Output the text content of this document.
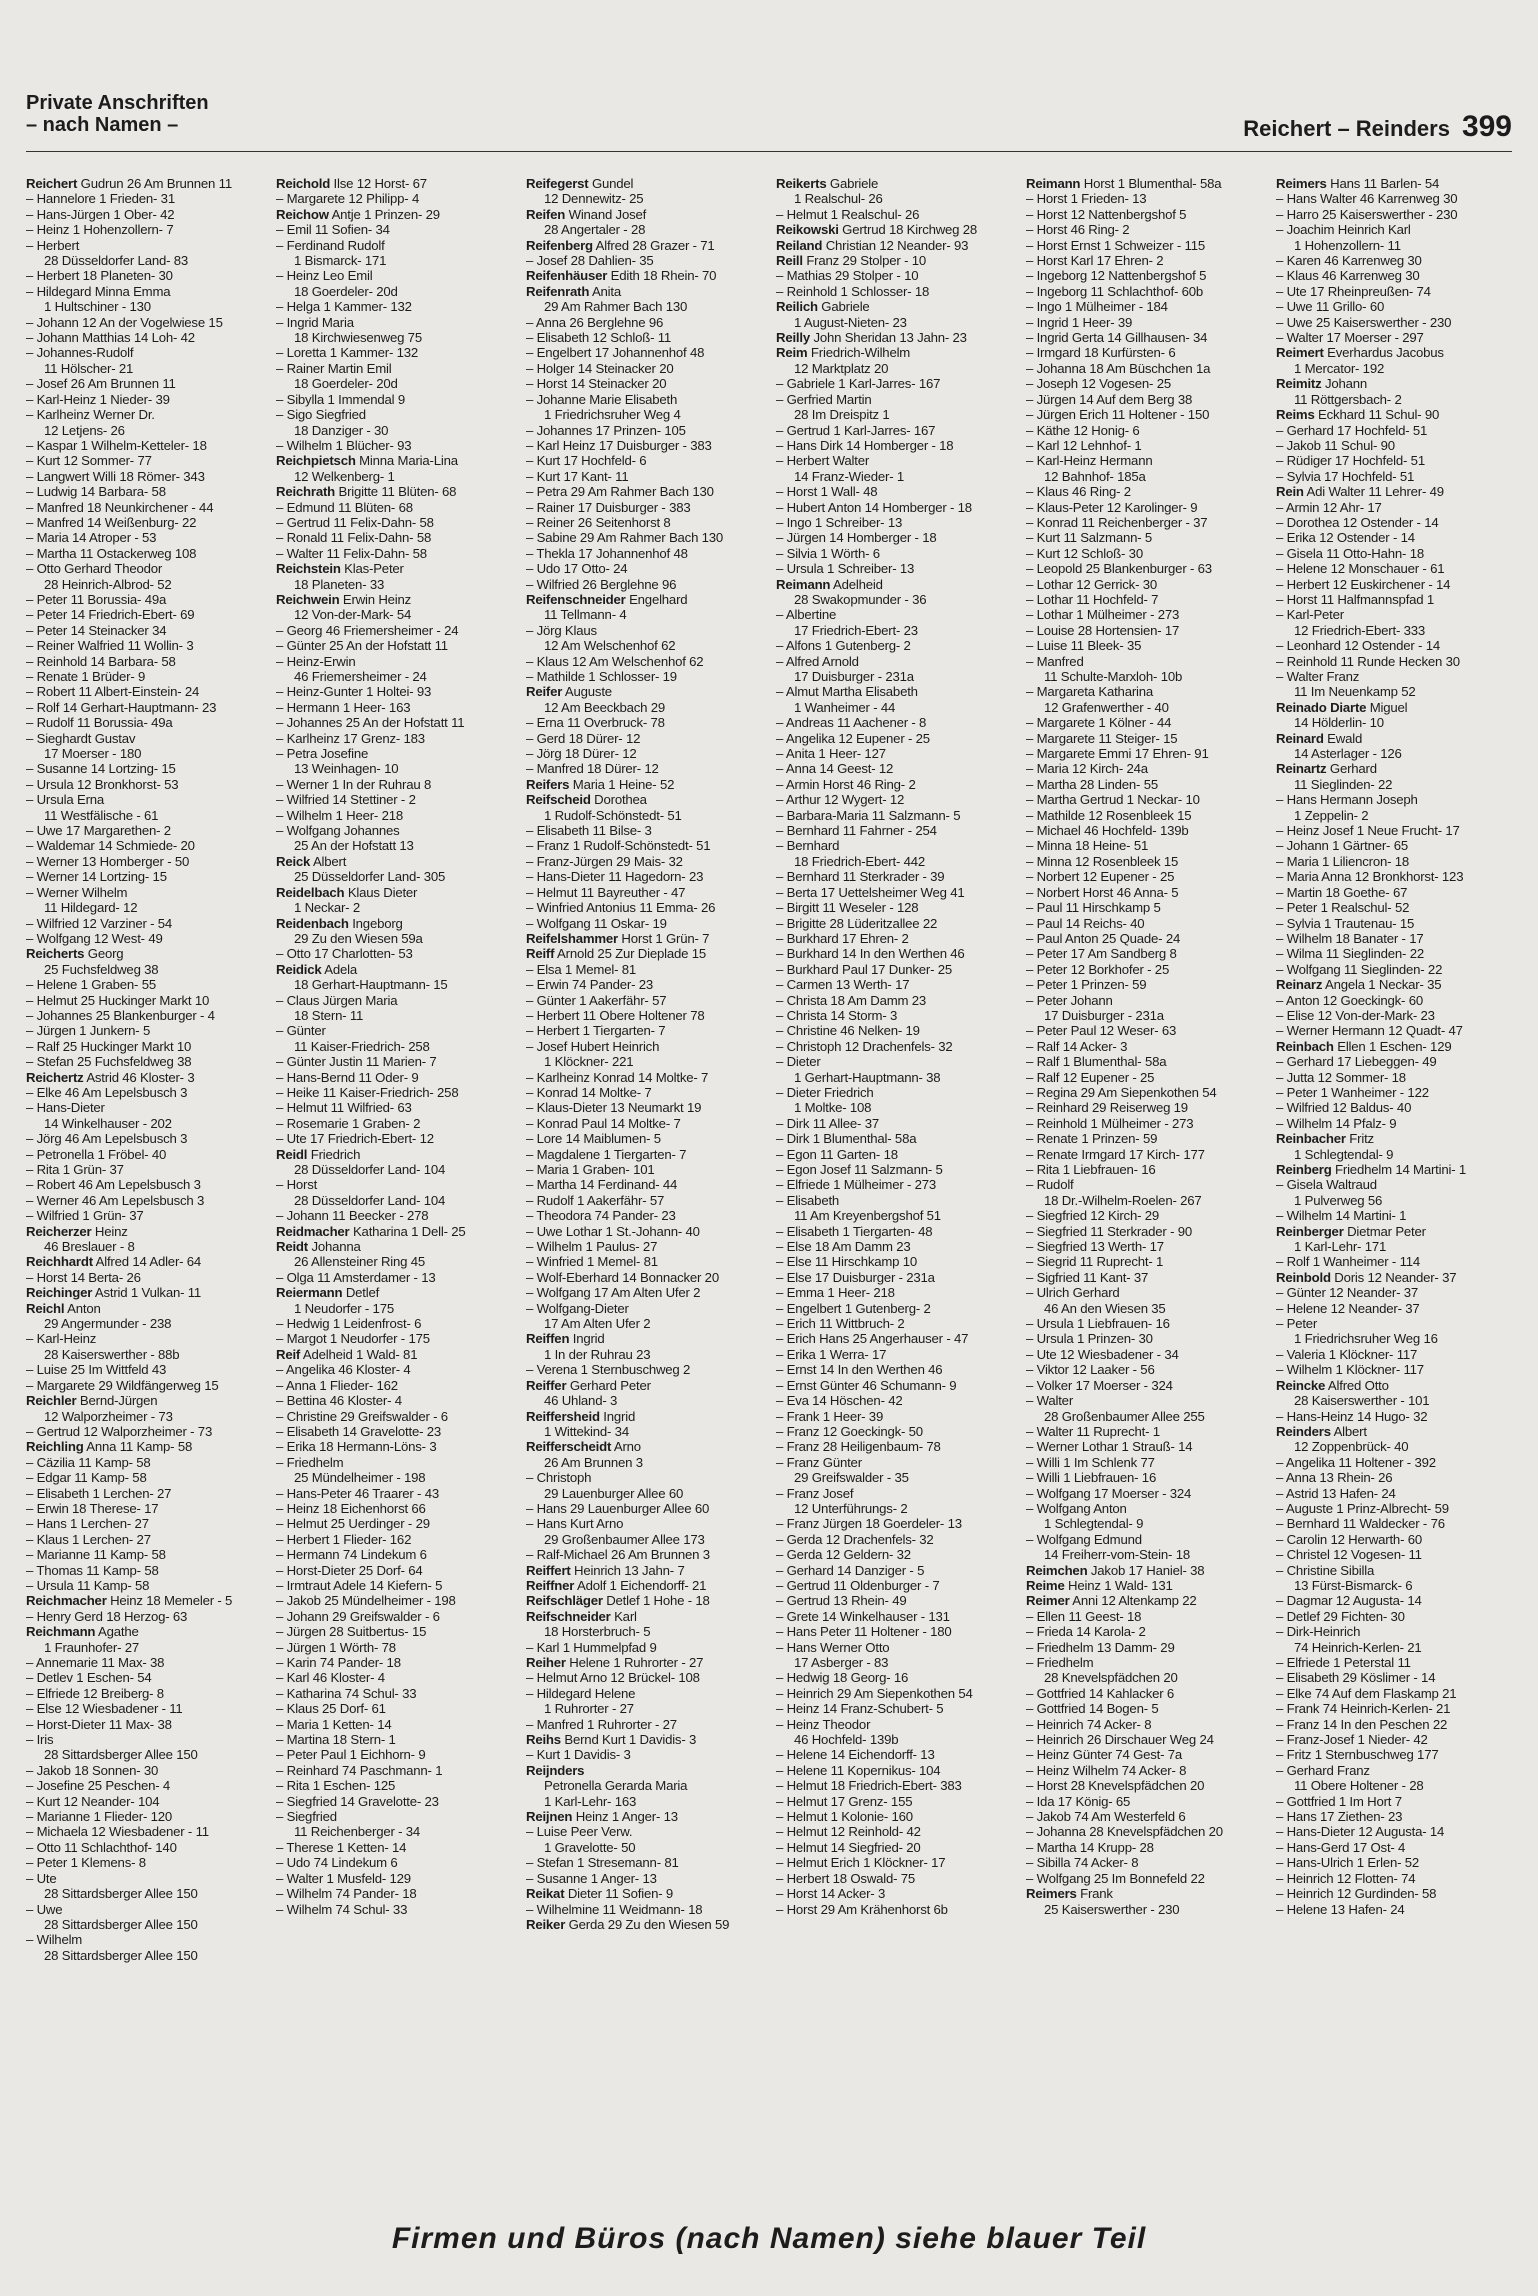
Private Anschriften
– nach Namen –	Reichert – Reinders 399
Reichert Gudrun 26 Am Brunnen 11
– Hannelore 1 Frieden- 31
– Hans-Jürgen 1 Ober- 42
– Heinz 1 Hohenzollern- 7
– Herbert
28 Düsseldorfer Land- 83
– Herbert 18 Planeten- 30
– Hildegard Minna Emma
1 Hultschiner - 130
– Johann 12 An der Vogelwiese 15
– Johann Matthias 14 Loh- 42
– Johannes-Rudolf
11 Hölscher- 21
– Josef 26 Am Brunnen 11
– Karl-Heinz 1 Nieder- 39
– Karlheinz Werner Dr.
12 Letjens- 26
– Kaspar 1 Wilhelm-Ketteler- 18
– Kurt 12 Sommer- 77
– Langwert Willi 18 Römer- 343
– Ludwig 14 Barbara- 58
– Manfred 18 Neunkirchener - 44
– Manfred 14 Weißenburg- 22
– Maria 14 Atroper - 53
– Martha 11 Ostackerweg 108
– Otto Gerhard Theodor
28 Heinrich-Albrod- 52
– Peter 11 Borussia- 49a
– Peter 14 Friedrich-Ebert- 69
– Peter 14 Steinacker 34
– Reiner Walfried 11 Wollin- 3
– Reinhold 14 Barbara- 58
– Renate 1 Brüder- 9
– Robert 11 Albert-Einstein- 24
– Rolf 14 Gerhart-Hauptmann- 23
– Rudolf 11 Borussia- 49a
– Sieghardt Gustav
17 Moerser - 180
– Susanne 14 Lortzing- 15
– Ursula 12 Bronkhorst- 53
– Ursula Erna
11 Westfälische - 61
– Uwe 17 Margarethen- 2
– Waldemar 14 Schmiede- 20
– Werner 13 Homberger - 50
– Werner 14 Lortzing- 15
– Werner Wilhelm
11 Hildegard- 12
– Wilfried 12 Varziner - 54
– Wolfgang 12 West- 49
Reicherts Georg
25 Fuchsfeldweg 38
– Helene 1 Graben- 55
– Helmut 25 Huckinger Markt 10
– Johannes 25 Blankenburger - 4
– Jürgen 1 Junkern- 5
– Ralf 25 Huckinger Markt 10
– Stefan 25 Fuchsfeldweg 38
Reichertz Astrid 46 Kloster- 3
– Elke 46 Am Lepelsbusch 3
– Hans-Dieter
14 Winkelhauser - 202
– Jörg 46 Am Lepelsbusch 3
– Petronella 1 Fröbel- 40
– Rita 1 Grün- 37
– Robert 46 Am Lepelsbusch 3
– Werner 46 Am Lepelsbusch 3
– Wilfried 1 Grün- 37
Reicherzer Heinz
46 Breslauer - 8
Reichhardt Alfred 14 Adler- 64
– Horst 14 Berta- 26
Reichinger Astrid 1 Vulkan- 11
Reichl Anton
29 Angermunder - 238
– Karl-Heinz
28 Kaiserswerther - 88b
– Luise 25 Im Wittfeld 43
– Margarete 29 Wildfängerweg 15
Reichler Bernd-Jürgen
12 Walporzheimer - 73
– Gertrud 12 Walporzheimer - 73
Reichling Anna 11 Kamp- 58
– Cäzilia 11 Kamp- 58
– Edgar 11 Kamp- 58
– Elisabeth 1 Lerchen- 27
– Erwin 18 Therese- 17
– Hans 1 Lerchen- 27
– Klaus 1 Lerchen- 27
– Marianne 11 Kamp- 58
– Thomas 11 Kamp- 58
– Ursula 11 Kamp- 58
Reichmacher Heinz 18 Memeler - 5
– Henry Gerd 18 Herzog- 63
Reichmann Agathe
1 Fraunhofer- 27
– Annemarie 11 Max- 38
– Detlev 1 Eschen- 54
– Elfriede 12 Breiberg- 8
– Else 12 Wiesbadener - 11
– Horst-Dieter 11 Max- 38
– Iris
28 Sittardsberger Allee 150
– Jakob 18 Sonnen- 30
– Josefine 25 Peschen- 4
– Kurt 12 Neander- 104
– Marianne 1 Flieder- 120
– Michaela 12 Wiesbadener - 11
– Otto 11 Schlachthof- 140
– Peter 1 Klemens- 8
– Ute
28 Sittardsberger Allee 150
– Uwe
28 Sittardsberger Allee 150
– Wilhelm
28 Sittardsberger Allee 150
Reichold Ilse 12 Horst- 67
– Margarete 12 Philipp- 4
Reichow Antje 1 Prinzen- 29
– Emil 11 Sofien- 34
– Ferdinand Rudolf
1 Bismarck- 171
– Heinz Leo Emil
18 Goerdeler- 20d
– Helga 1 Kammer- 132
– Ingrid Maria
18 Kirchwiesenweg 75
– Loretta 1 Kammer- 132
– Rainer Martin Emil
18 Goerdeler- 20d
– Sibylla 1 Immendal 9
– Sigo Siegfried
18 Danziger - 30
– Wilhelm 1 Blücher- 93
Reichpietsch Minna Maria-Lina
12 Welkenberg- 1
Reichrath Brigitte 11 Blüten- 68
– Edmund 11 Blüten- 68
– Gertrud 11 Felix-Dahn- 58
– Ronald 11 Felix-Dahn- 58
– Walter 11 Felix-Dahn- 58
Reichstein Klas-Peter
18 Planeten- 33
Reichwein Erwin Heinz
12 Von-der-Mark- 54
– Georg 46 Friemersheimer - 24
– Günter 25 An der Hofstatt 11
– Heinz-Erwin
46 Friemersheimer - 24
– Heinz-Gunter 1 Holtei- 93
– Hermann 1 Heer- 163
– Johannes 25 An der Hofstatt 11
– Karlheinz 17 Grenz- 183
– Petra Josefine
13 Weinhagen- 10
– Werner 1 In der Ruhrau 8
– Wilfried 14 Stettiner - 2
– Wilhelm 1 Heer- 218
– Wolfgang Johannes
25 An der Hofstatt 13
Reick Albert
25 Düsseldorfer Land- 305
Reidelbach Klaus Dieter
1 Neckar- 2
Reidenbach Ingeborg
29 Zu den Wiesen 59a
– Otto 17 Charlotten- 53
Reidick Adela
18 Gerhart-Hauptmann- 15
– Claus Jürgen Maria
18 Stern- 11
– Günter
11 Kaiser-Friedrich- 258
– Günter Justin 11 Marien- 7
– Hans-Bernd 11 Oder- 9
– Heike 11 Kaiser-Friedrich- 258
– Helmut 11 Wilfried- 63
– Rosemarie 1 Graben- 2
– Ute 17 Friedrich-Ebert- 12
Reidl Friedrich
28 Düsseldorfer Land- 104
– Horst
28 Düsseldorfer Land- 104
– Johann 11 Beecker - 278
Reidmacher Katharina 1 Dell- 25
Reidt Johanna
26 Allensteiner Ring 45
– Olga 11 Amsterdamer - 13
Reiermann Detlef
1 Neudorfer - 175
– Hedwig 1 Leidenfrost- 6
– Margot 1 Neudorfer - 175
Reif Adelheid 1 Wald- 81
– Angelika 46 Kloster- 4
– Anna 1 Flieder- 162
– Bettina 46 Kloster- 4
– Christine 29 Greifswalder - 6
– Elisabeth 14 Gravelotte- 23
– Erika 18 Hermann-Löns- 3
– Friedhelm
25 Mündelheimer - 198
– Hans-Peter 46 Traarer - 43
– Heinz 18 Eichenhorst 66
– Helmut 25 Uerdinger - 29
– Herbert 1 Flieder- 162
– Hermann 74 Lindekum 6
– Horst-Dieter 25 Dorf- 64
– Irmtraut Adele 14 Kiefern- 5
– Jakob 25 Mündelheimer - 198
– Johann 29 Greifswalder - 6
– Jürgen 28 Suitbertus- 15
– Jürgen 1 Wörth- 78
– Karin 74 Pander- 18
– Karl 46 Kloster- 4
– Katharina 74 Schul- 33
– Klaus 25 Dorf- 61
– Maria 1 Ketten- 14
– Martina 18 Stern- 1
– Peter Paul 1 Eichhorn- 9
– Reinhard 74 Paschmann- 1
– Rita 1 Eschen- 125
– Siegfried 14 Gravelotte- 23
– Siegfried
11 Reichenberger - 34
– Therese 1 Ketten- 14
– Udo 74 Lindekum 6
– Walter 1 Musfeld- 129
– Wilhelm 74 Pander- 18
– Wilhelm 74 Schul- 33
Reifegerst Gundel
12 Dennewitz- 25
Reifen Winand Josef
28 Angertaler - 28
Reifenberg Alfred 28 Grazer - 71
– Josef 28 Dahlien- 35
Reifenhäuser Edith 18 Rhein- 70
Reifenrath Anita
29 Am Rahmer Bach 130
– Anna 26 Berglehne 96
– Elisabeth 12 Schloß- 11
– Engelbert 17 Johannenhof 48
– Holger 14 Steinacker 20
– Horst 14 Steinacker 20
– Johanne Marie Elisabeth
1 Friedrichsruher Weg 4
– Johannes 17 Prinzen- 105
– Karl Heinz 17 Duisburger - 383
– Kurt 17 Hochfeld- 6
– Kurt 17 Kant- 11
– Petra 29 Am Rahmer Bach 130
– Rainer 17 Duisburger - 383
– Reiner 26 Seitenhorst 8
– Sabine 29 Am Rahmer Bach 130
– Thekla 17 Johannenhof 48
– Udo 17 Otto- 24
– Wilfried 26 Berglehne 96
Reifenschneider Engelhard
11 Tellmann- 4
– Jörg Klaus
12 Am Welschenhof 62
– Klaus 12 Am Welschenhof 62
– Mathilde 1 Schlosser- 19
Reifer Auguste
12 Am Beeckbach 29
– Erna 11 Overbruck- 78
– Gerd 18 Dürer- 12
– Jörg 18 Dürer- 12
– Manfred 18 Dürer- 12
Reifers Maria 1 Heine- 52
Reifscheid Dorothea
1 Rudolf-Schönstedt- 51
– Elisabeth 11 Bilse- 3
– Franz 1 Rudolf-Schönstedt- 51
– Franz-Jürgen 29 Mais- 32
– Hans-Dieter 11 Hagedorn- 23
– Helmut 11 Bayreuther - 47
– Winfried Antonius 11 Emma- 26
– Wolfgang 11 Oskar- 19
Reifelshammer Horst 1 Grün- 7
Reiff Arnold 25 Zur Dieplade 15
– Elsa 1 Memel- 81
– Erwin 74 Pander- 23
– Günter 1 Aakerfähr- 57
– Herbert 11 Obere Holtener 78
– Herbert 1 Tiergarten- 7
– Josef Hubert Heinrich
1 Klöckner- 221
– Karlheinz Konrad 14 Moltke- 7
– Konrad 14 Moltke- 7
– Klaus-Dieter 13 Neumarkt 19
– Konrad Paul 14 Moltke- 7
– Lore 14 Maiblumen- 5
– Magdalene 1 Tiergarten- 7
– Maria 1 Graben- 101
– Martha 14 Ferdinand- 44
– Rudolf 1 Aakerfähr- 57
– Theodora 74 Pander- 23
– Uwe Lothar 1 St.-Johann- 40
– Wilhelm 1 Paulus- 27
– Winfried 1 Memel- 81
– Wolf-Eberhard 14 Bonnacker 20
– Wolfgang 17 Am Alten Ufer 2
– Wolfgang-Dieter
17 Am Alten Ufer 2
Reiffen Ingrid
1 In der Ruhrau 23
– Verena 1 Sternbuschweg 2
Reiffer Gerhard Peter
46 Uhland- 3
Reiffersheid Ingrid
1 Wittekind- 34
Reifferscheidt Arno
26 Am Brunnen 3
– Christoph
29 Lauenburger Allee 60
– Hans 29 Lauenburger Allee 60
– Hans Kurt Arno
29 Großenbaumer Allee 173
– Ralf-Michael 26 Am Brunnen 3
Reiffert Heinrich 13 Jahn- 7
Reiffner Adolf 1 Eichendorff- 21
Reifschläger Detlef 1 Hohe - 18
Reifschneider Karl
18 Horsterbruch- 5
– Karl 1 Hummelpfad 9
Reiher Helene 1 Ruhrorter - 27
– Helmut Arno 12 Brückel- 108
– Hildegard Helene
1 Ruhrorter - 27
– Manfred 1 Ruhrorter - 27
Reihs Bernd Kurt 1 Davidis- 3
– Kurt 1 Davidis- 3
Reijnders
Petronella Gerarda Maria
1 Karl-Lehr- 163
Reijnen Heinz 1 Anger- 13
– Luise Peer Verw.
1 Gravelotte- 50
– Stefan 1 Stresemann- 81
– Susanne 1 Anger- 13
Reikat Dieter 11 Sofien- 9
– Wilhelmine 11 Weidmann- 18
Reiker Gerda 29 Zu den Wiesen 59
Reikerts Gabriele
1 Realschul- 26
– Helmut 1 Realschul- 26
Reikowski Gertrud 18 Kirchweg 28
Reiland Christian 12 Neander- 93
Reill Franz 29 Stolper - 10
– Mathias 29 Stolper - 10
– Reinhold 1 Schlosser- 18
Reilich Gabriele
1 August-Nieten- 23
Reilly John Sheridan 13 Jahn- 23
Reim Friedrich-Wilhelm
12 Marktplatz 20
– Gabriele 1 Karl-Jarres- 167
– Gerfried Martin
28 Im Dreispitz 1
– Gertrud 1 Karl-Jarres- 167
– Hans Dirk 14 Homberger - 18
– Herbert Walter
14 Franz-Wieder- 1
– Horst 1 Wall- 48
– Hubert Anton 14 Homberger - 18
– Ingo 1 Schreiber- 13
– Jürgen 14 Homberger - 18
– Silvia 1 Wörth- 6
– Ursula 1 Schreiber- 13
Reimann Adelheid
28 Swakopmunder - 36
– Albertine
17 Friedrich-Ebert- 23
– Alfons 1 Gutenberg- 2
– Alfred Arnold
17 Duisburger - 231a
– Almut Martha Elisabeth
1 Wanheimer - 44
– Andreas 11 Aachener - 8
– Angelika 12 Eupener - 25
– Anita 1 Heer- 127
– Anna 14 Geest- 12
– Armin Horst 46 Ring- 2
– Arthur 12 Wygert- 12
– Barbara-Maria 11 Salzmann- 5
– Bernhard 11 Fahrner - 254
– Bernhard
18 Friedrich-Ebert- 442
– Bernhard 11 Sterkrader - 39
– Berta 17 Uettelsheimer Weg 41
– Birgitt 11 Weseler - 128
– Brigitte 28 Lüderitzallee 22
– Burkhard 17 Ehren- 2
– Burkhard 14 In den Werthen 46
– Burkhard Paul 17 Dunker- 25
– Carmen 13 Werth- 17
– Christa 18 Am Damm 23
– Christa 14 Storm- 3
– Christine 46 Nelken- 19
– Christoph 12 Drachenfels- 32
– Dieter
1 Gerhart-Hauptmann- 38
– Dieter Friedrich
1 Moltke- 108
– Dirk 11 Allee- 37
– Dirk 1 Blumenthal- 58a
– Egon 11 Garten- 18
– Egon Josef 11 Salzmann- 5
– Elfriede 1 Mülheimer - 273
– Elisabeth
11 Am Kreyenbergshof 51
– Elisabeth 1 Tiergarten- 48
– Else 18 Am Damm 23
– Else 11 Hirschkamp 10
– Else 17 Duisburger - 231a
– Emma 1 Heer- 218
– Engelbert 1 Gutenberg- 2
– Erich 11 Wittbruch- 2
– Erich Hans 25 Angerhauser - 47
– Erika 1 Werra- 17
– Ernst 14 In den Werthen 46
– Ernst Günter 46 Schumann- 9
– Eva 14 Höschen- 42
– Frank 1 Heer- 39
– Franz 12 Goeckingk- 50
– Franz 28 Heiligenbaum- 78
– Franz Günter
29 Greifswalder - 35
– Franz Josef
12 Unterführungs- 2
– Franz Jürgen 18 Goerdeler- 13
– Gerda 12 Drachenfels- 32
– Gerda 12 Geldern- 32
– Gerhard 14 Danziger - 5
– Gertrud 11 Oldenburger - 7
– Gertrud 13 Rhein- 49
– Grete 14 Winkelhauser - 131
– Hans Peter 11 Holtener - 180
– Hans Werner Otto
17 Asberger - 83
– Hedwig 18 Georg- 16
– Heinrich 29 Am Siepenkothen 54
– Heinz 14 Franz-Schubert- 5
– Heinz Theodor
46 Hochfeld- 139b
– Helene 14 Eichendorff- 13
– Helene 11 Kopernikus- 104
– Helmut 18 Friedrich-Ebert- 383
– Helmut 17 Grenz- 155
– Helmut 1 Kolonie- 160
– Helmut 12 Reinhold- 42
– Helmut 14 Siegfried- 20
– Helmut Erich 1 Klöckner- 17
– Herbert 18 Oswald- 75
– Horst 14 Acker- 3
– Horst 29 Am Krähenhorst 6b
Reimann Horst 1 Blumenthal- 58a
– Horst 1 Frieden- 13
– Horst 12 Nattenbergshof 5
– Horst 46 Ring- 2
– Horst Ernst 1 Schweizer - 115
– Horst Karl 17 Ehren- 2
– Ingeborg 12 Nattenbergshof 5
– Ingeborg 11 Schlachthof- 60b
– Ingo 1 Mülheimer - 184
– Ingrid 1 Heer- 39
– Ingrid Gerta 14 Gillhausen- 34
– Irmgard 18 Kurfürsten- 6
– Johanna 18 Am Büschchen 1a
– Joseph 12 Vogesen- 25
– Jürgen 14 Auf dem Berg 38
– Jürgen Erich 11 Holtener - 150
– Käthe 12 Honig- 6
– Karl 12 Lehnhof- 1
– Karl-Heinz Hermann
12 Bahnhof- 185a
– Klaus 46 Ring- 2
– Klaus-Peter 12 Karolinger- 9
– Konrad 11 Reichenberger - 37
– Kurt 11 Salzmann- 5
– Kurt 12 Schloß- 30
– Leopold 25 Blankenburger - 63
– Lothar 12 Gerrick- 30
– Lothar 11 Hochfeld- 7
– Lothar 1 Mülheimer - 273
– Louise 28 Hortensien- 17
– Luise 11 Bleek- 35
– Manfred
11 Schulte-Marxloh- 10b
– Margareta Katharina
12 Grafenwerther - 40
– Margarete 1 Kölner - 44
– Margarete 11 Steiger- 15
– Margarete Emmi 17 Ehren- 91
– Maria 12 Kirch- 24a
– Martha 28 Linden- 55
– Martha Gertrud 1 Neckar- 10
– Mathilde 12 Rosenbleek 15
– Michael 46 Hochfeld- 139b
– Minna 18 Heine- 51
– Minna 12 Rosenbleek 15
– Norbert 12 Eupener - 25
– Norbert Horst 46 Anna- 5
– Paul 11 Hirschkamp 5
– Paul 14 Reichs- 40
– Paul Anton 25 Quade- 24
– Peter 17 Am Sandberg 8
– Peter 12 Borkhofer - 25
– Peter 1 Prinzen- 59
– Peter Johann
17 Duisburger - 231a
– Peter Paul 12 Weser- 63
– Ralf 14 Acker- 3
– Ralf 1 Blumenthal- 58a
– Ralf 12 Eupener - 25
– Regina 29 Am Siepenkothen 54
– Reinhard 29 Reiserweg 19
– Reinhold 1 Mülheimer - 273
– Renate 1 Prinzen- 59
– Renate Irmgard 17 Kirch- 177
– Rita 1 Liebfrauen- 16
– Rudolf
18 Dr.-Wilhelm-Roelen- 267
– Siegfried 12 Kirch- 29
– Siegfried 11 Sterkrader - 90
– Siegfried 13 Werth- 17
– Siegrid 11 Ruprecht- 1
– Sigfried 11 Kant- 37
– Ulrich Gerhard
46 An den Wiesen 35
– Ursula 1 Liebfrauen- 16
– Ursula 1 Prinzen- 30
– Ute 12 Wiesbadener - 34
– Viktor 12 Laaker - 56
– Volker 17 Moerser - 324
– Walter
28 Großenbaumer Allee 255
– Walter 11 Ruprecht- 1
– Werner Lothar 1 Strauß- 14
– Willi 1 Im Schlenk 77
– Willi 1 Liebfrauen- 16
– Wolfgang 17 Moerser - 324
– Wolfgang Anton
1 Schlegtendal- 9
– Wolfgang Edmund
14 Freiherr-vom-Stein- 18
Reimchen Jakob 17 Haniel- 38
Reime Heinz 1 Wald- 131
Reimer Anni 12 Altenkamp 22
– Ellen 11 Geest- 18
– Frieda 14 Karola- 2
– Friedhelm 13 Damm- 29
– Friedhelm
28 Knevelspfädchen 20
– Gottfried 14 Kahlacker 6
– Gottfried 14 Bogen- 5
– Heinrich 74 Acker- 8
– Heinrich 26 Dirschauer Weg 24
– Heinz Günter 74 Gest- 7a
– Heinz Wilhelm 74 Acker- 8
– Horst 28 Knevelspfädchen 20
– Ida 17 König- 65
– Jakob 74 Am Westerfeld 6
– Johanna 28 Knevelspfädchen 20
– Martha 14 Krupp- 28
– Sibilla 74 Acker- 8
– Wolfgang 25 Im Bonnefeld 22
Reimers Frank
25 Kaiserswerther - 230
Reimers Hans 11 Barlen- 54
– Hans Walter 46 Karrenweg 30
– Harro 25 Kaiserswerther - 230
– Joachim Heinrich Karl
1 Hohenzollern- 11
– Karen 46 Karrenweg 30
– Klaus 46 Karrenweg 30
– Ute 17 Rheinpreußen- 74
– Uwe 11 Grillo- 60
– Uwe 25 Kaiserswerther - 230
– Walter 17 Moerser - 297
Reimert Everhardus Jacobus
1 Mercator- 192
Reimitz Johann
11 Röttgersbach- 2
Reims Eckhard 11 Schul- 90
– Gerhard 17 Hochfeld- 51
– Jakob 11 Schul- 90
– Rüdiger 17 Hochfeld- 51
– Sylvia 17 Hochfeld- 51
Rein Adi Walter 11 Lehrer- 49
– Armin 12 Ahr- 17
– Dorothea 12 Ostender - 14
– Erika 12 Ostender - 14
– Gisela 11 Otto-Hahn- 18
– Helene 12 Monschauer - 61
– Herbert 12 Euskirchener - 14
– Horst 11 Halfmannspfad 1
– Karl-Peter
12 Friedrich-Ebert- 333
– Leonhard 12 Ostender - 14
– Reinhold 11 Runde Hecken 30
– Walter Franz
11 Im Neuenkamp 52
Reinado Diarte Miguel
14 Hölderlin- 10
Reinard Ewald
14 Asterlager - 126
Reinartz Gerhard
11 Sieglinden- 22
– Hans Hermann Joseph
1 Zeppelin- 2
– Heinz Josef 1 Neue Frucht- 17
– Johann 1 Gärtner- 65
– Maria 1 Liliencron- 18
– Maria Anna 12 Bronkhorst- 123
– Martin 18 Goethe- 67
– Peter 1 Realschul- 52
– Sylvia 1 Trautenau- 15
– Wilhelm 18 Banater - 17
– Wilma 11 Sieglinden- 22
– Wolfgang 11 Sieglinden- 22
Reinarz Angela 1 Neckar- 35
– Anton 12 Goeckingk- 60
– Elise 12 Von-der-Mark- 23
– Werner Hermann 12 Quadt- 47
Reinbach Ellen 1 Eschen- 129
– Gerhard 17 Liebeggen- 49
– Jutta 12 Sommer- 18
– Peter 1 Wanheimer - 122
– Wilfried 12 Baldus- 40
– Wilhelm 14 Pfalz- 9
Reinbacher Fritz
1 Schlegtendal- 9
Reinberg Friedhelm 14 Martini- 1
– Gisela Waltraud
1 Pulverweg 56
– Wilhelm 14 Martini- 1
Reinberger Dietmar Peter
1 Karl-Lehr- 171
– Rolf 1 Wanheimer - 114
Reinbold Doris 12 Neander- 37
– Günter 12 Neander- 37
– Helene 12 Neander- 37
– Peter
1 Friedrichsruher Weg 16
– Valeria 1 Klöckner- 117
– Wilhelm 1 Klöckner- 117
Reincke Alfred Otto
28 Kaiserswerther - 101
– Hans-Heinz 14 Hugo- 32
Reinders Albert
12 Zoppenbrück- 40
– Angelika 11 Holtener - 392
– Anna 13 Rhein- 26
– Astrid 13 Hafen- 24
– Auguste 1 Prinz-Albrecht- 59
– Bernhard 11 Waldecker - 76
– Carolin 12 Herwarth- 60
– Christel 12 Vogesen- 11
– Christine Sibilla
13 Fürst-Bismarck- 6
– Dagmar 12 Augusta- 14
– Detlef 29 Fichten- 30
– Dirk-Heinrich
74 Heinrich-Kerlen- 21
– Elfriede 1 Peterstal 11
– Elisabeth 29 Köslimer - 14
– Elke 74 Auf dem Flaskamp 21
– Frank 74 Heinrich-Kerlen- 21
– Franz 14 In den Peschen 22
– Franz-Josef 1 Nieder- 42
– Fritz 1 Sternbuschweg 177
– Gerhard Franz
11 Obere Holtener - 28
– Gottfried 1 Im Hort 7
– Hans 17 Ziethen- 23
– Hans-Dieter 12 Augusta- 14
– Hans-Gerd 17 Ost- 4
– Hans-Ulrich 1 Erlen- 52
– Heinrich 12 Flotten- 74
– Heinrich 12 Gurdinden- 58
– Helene 13 Hafen- 24
Firmen und Büros (nach Namen) siehe blauer Teil
